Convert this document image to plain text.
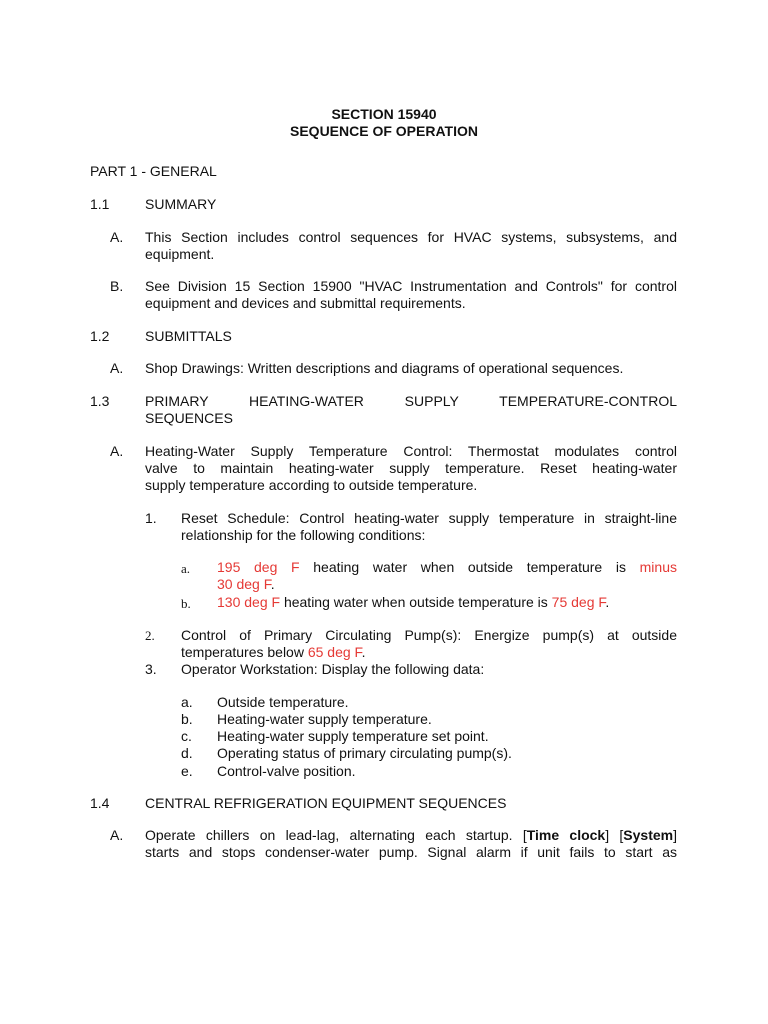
SECTION 15940
SEQUENCE OF OPERATION
PART 1 - GENERAL
1.1	SUMMARY
A. This Section includes control sequences for HVAC systems, subsystems, and
equipment.
B. See Division 15 Section 15900 "HVAC Instrumentation and Controls" for control
equipment and devices and submittal requirements.
1.2	SUBMITTALS
A. Shop Drawings: Written descriptions and diagrams of operational sequences.
1.3	PRIMARY HEATING-WATER SUPPLY TEMPERATURE-CONTROL
SEQUENCES
A. Heating-Water Supply Temperature Control: Thermostat modulates control
valve to maintain heating-water supply temperature. Reset heating-water
supply temperature according to outside temperature.
1. Reset Schedule: Control heating-water supply temperature in straight-line
relationship for the following conditions:
a. 195 deg F heating water when outside temperature is minus
30 deg F.
b. 130 deg F heating water when outside temperature is 75 deg F.
2. Control of Primary Circulating Pump(s): Energize pump(s) at outside
temperatures below 65 deg F.
3. Operator Workstation: Display the following data:
a. Outside temperature.
b. Heating-water supply temperature.
c. Heating-water supply temperature set point.
d. Operating status of primary circulating pump(s).
e. Control-valve position.
1.4	CENTRAL REFRIGERATION EQUIPMENT SEQUENCES
A. Operate chillers on lead-lag, alternating each startup. [Time clock] [System]
starts and stops condenser-water pump. Signal alarm if unit fails to start as
